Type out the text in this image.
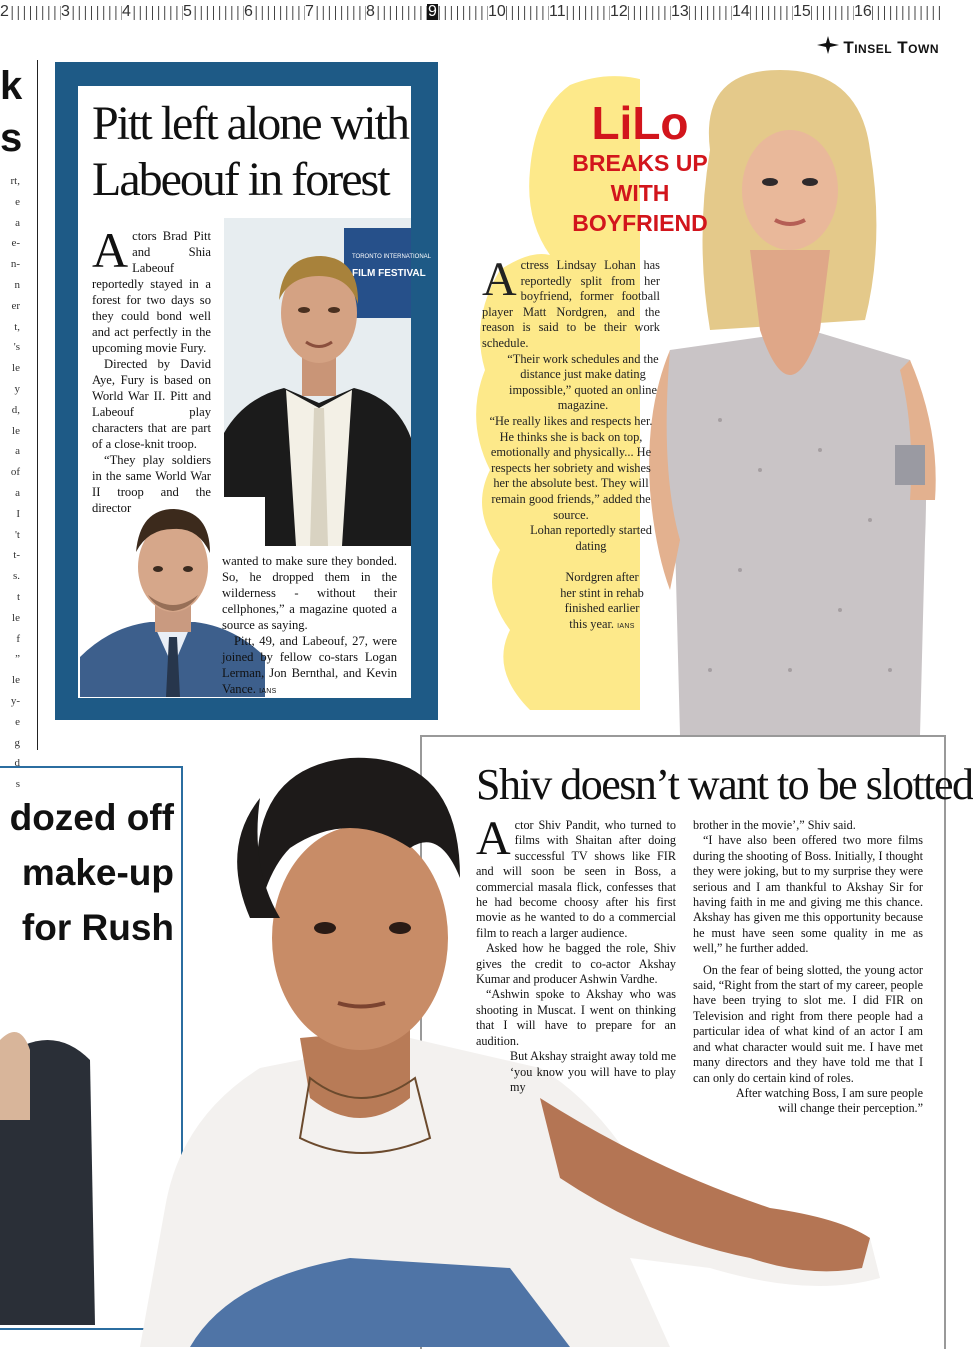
2	3	4	5	6	7	8	9	10	11	12	13	14	15	16
Tinsel Town
k
s
rt,
e
a
e-
n-
n
er
t,
's
le
y
d,
le
a
of
a
I
't
t-
s.
t
le
f
”
le
y-
e
g
d
s
Pitt left alone with Labeouf in forest
TORONTO INTERNATIONAL
FILM FESTIVAL

Actors Brad Pitt and Shia Labeouf reportedly stayed in a forest for two days so they could bond well and act perfectly in the upcoming movie Fury.

Directed by David Aye, Fury is based on World War II. Pitt and Labeouf play characters that are part of a close-knit troop.

“They play soldiers in the same World War II troop and the director

wanted to make sure they bonded. So, he dropped them in the wilderness - without their cellphones,” a magazine quoted a source as saying.

Pitt, 49, and Labeouf, 27, were joined by fellow co-stars Logan Lerman, Jon Bernthal, and Kevin Vance. IANS

LiLo
BREAKS UP
WITH
BOYFRIEND

Actress Lindsay Lohan has reportedly split from her boyfriend, former football player Matt Nordgren, and the reason is said to be their work schedule.

“Their work schedules and the distance just make dating impossible,” quoted an online magazine.

“He really likes and respects her. He thinks she is back on top, emotionally and physically... He respects her sobriety and wishes her the absolute best. They will remain good friends,” added the source.

Lohan reportedly started dating

Nordgren after her stint in rehab finished earlier this year. IANS
dozed off
make-up
for Rush
Shiv doesn’t want to be slotted

Actor Shiv Pandit, who turned to films with Shaitan after doing successful TV shows like FIR and will soon be seen in Boss, a commercial masala flick, confesses that he had become choosy after his first movie as he wanted to do a commercial film to reach a larger audience.

Asked how he bagged the role, Shiv gives the credit to co-actor Akshay Kumar and producer Ashwin Vardhe.

“Ashwin spoke to Akshay who was shooting in Muscat. I went on thinking that I will have to prepare for an audition.

But Akshay straight away told me ‘you know you will have to play my

brother in the movie’,” Shiv said.

“I have also been offered two more films during the shooting of Boss. Initially, I thought they were joking, but to my surprise they were serious and I am thankful to Akshay Sir for having faith in me and giving me this chance. Akshay has given me this opportunity because he must have seen some quality in me as well,” he further added.

On the fear of being slotted, the young actor said, “Right from the start of my career, people have been trying to slot me. I did FIR on Television and right from there people had a particular idea of what kind of an actor I am and what character would suit me. I have met many directors and they have told me that I can only do certain kind of roles.

After watching Boss, I am sure people will change their perception.”
